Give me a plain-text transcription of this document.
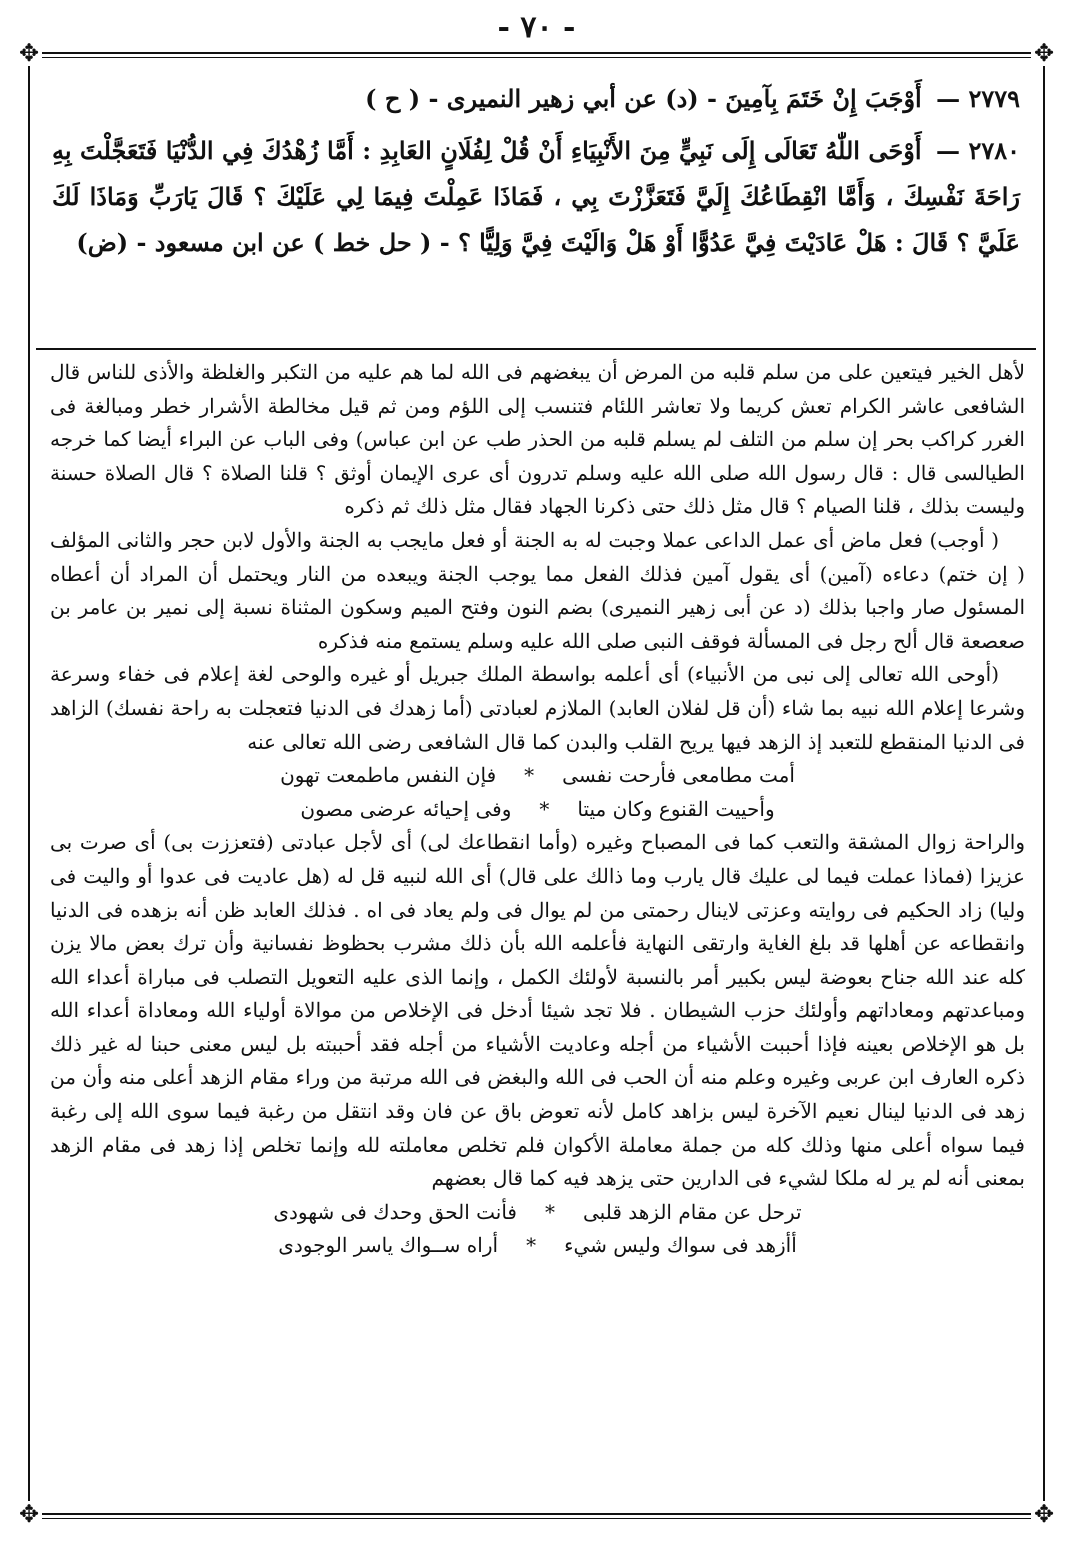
✥	✥
✥	✥
- ٧٠ -

٢٧٧٩ — أَوْجَبَ إِنْ خَتَمَ بِآمِينَ - (د) عن أبي زهير النميرى - ( ح )

٢٧٨٠ — أَوْحَى اللّٰهُ تَعَالَى إِلَى نَبِيٍّ مِنَ الأَنْبِيَاءِ أَنْ قُلْ لِفُلَانٍ العَابِدِ : أَمَّا زُهْدُكَ فِي الدُّنْيَا فَتَعَجَّلْتَ بِهِ رَاحَةَ نَفْسِكَ ، وَأَمَّا انْقِطَاعُكَ إِلَيَّ فَتَعَزَّزْتَ بِي ، فَمَاذَا عَمِلْتَ فِيمَا لِي عَلَيْكَ ؟ قَالَ يَارَبِّ وَمَاذَا لَكَ عَلَيَّ ؟ قَالَ : هَلْ عَادَيْتَ فِيَّ عَدُوًّا أَوْ هَلْ وَالَيْتَ فِيَّ وَلِيًّا ؟ - ( حل خط ) عن ابن مسعود - (ض)

لأهل الخير فيتعين على من سلم قلبه من المرض أن يبغضهم فى الله لما هم عليه من التكبر والغلظة والأذى للناس قال الشافعى عاشر الكرام تعش كريما ولا تعاشر اللئام فتنسب إلى اللؤم ومن ثم قيل مخالطة الأشرار خطر ومبالغة فى الغرر كراكب بحر إن سلم من التلف لم يسلم قلبه من الحذر طب عن ابن عباس) وفى الباب عن البراء أيضا كما خرجه الطيالسى قال : قال رسول الله صلى الله عليه وسلم تدرون أى عرى الإيمان أوثق ؟ قلنا الصلاة ؟ قال الصلاة حسنة وليست بذلك ، قلنا الصيام ؟ قال مثل ذلك حتى ذكرنا الجهاد فقال مثل ذلك ثم ذكره

( أوجب) فعل ماض أى عمل الداعى عملا وجبت له به الجنة أو فعل مايجب به الجنة والأول لابن حجر والثانى المؤلف ( إن ختم) دعاءه (آمين) أى يقول آمين فذلك الفعل مما يوجب الجنة ويبعده من النار ويحتمل أن المراد أن أعطاه المسئول صار واجبا بذلك (د عن أبى زهير النميرى) بضم النون وفتح الميم وسكون المثناة نسبة إلى نمير بن عامر بن صعصعة قال ألح رجل فى المسألة فوقف النبى صلى الله عليه وسلم يستمع منه فذكره

(أوحى الله تعالى إلى نبى من الأنبياء) أى أعلمه بواسطة الملك جبريل أو غيره والوحى لغة إعلام فى خفاء وسرعة وشرعا إعلام الله نبيه بما شاء (أن قل لفلان العابد) الملازم لعبادتى (أما زهدك فى الدنيا فتعجلت به راحة نفسك) الزاهد فى الدنيا المنقطع للتعبد إذ الزهد فيها يريح القلب والبدن كما قال الشافعى رضى الله تعالى عنه

أمت مطامعى فأرحت نفسى*فإن النفس ماطمعت تهون

وأحييت القنوع وكان ميتا*وفى إحيائه عرضى مصون

والراحة زوال المشقة والتعب كما فى المصباح وغيره (وأما انقطاعك لى) أى لأجل عبادتى (فتعززت بى) أى صرت بى عزيزا (فماذا عملت فيما لى عليك قال يارب وما ذالك على قال) أى الله لنبيه قل له (هل عاديت فى عدوا أو واليت فى وليا) زاد الحكيم فى روايته وعزتى لاينال رحمتى من لم يوال فى ولم يعاد فى اه . فذلك العابد ظن أنه بزهده فى الدنيا وانقطاعه عن أهلها قد بلغ الغاية وارتقى النهاية فأعلمه الله بأن ذلك مشرب بحظوظ نفسانية وأن ترك بعض مالا يزن كله عند الله جناح بعوضة ليس بكبير أمر بالنسبة لأولئك الكمل ، وإنما الذى عليه التعويل التصلب فى مباراة أعداء الله ومباعدتهم ومعاداتهم وأولئك حزب الشيطان . فلا تجد شيئا أدخل فى الإخلاص من موالاة أولياء الله ومعاداة أعداء الله بل هو الإخلاص بعينه فإذا أحببت الأشياء من أجله وعاديت الأشياء من أجله فقد أحببته بل ليس معنى حبنا له غير ذلك ذكره العارف ابن عربى وغيره وعلم منه أن الحب فى الله والبغض فى الله مرتبة من وراء مقام الزهد أعلى منه وأن من زهد فى الدنيا لينال نعيم الآخرة ليس بزاهد كامل لأنه تعوض باق عن فان وقد انتقل من رغبة فيما سوى الله إلى رغبة فيما سواه أعلى منها وذلك كله من جملة معاملة الأكوان فلم تخلص معاملته لله وإنما تخلص إذا زهد فى مقام الزهد بمعنى أنه لم ير له ملكا لشيء فى الدارين حتى يزهد فيه كما قال بعضهم

ترحل عن مقام الزهد قلبى*فأنت الحق وحدك فى شهودى

أأزهد فى سواك وليس شيء*أراه ســواك ياسر الوجودى
